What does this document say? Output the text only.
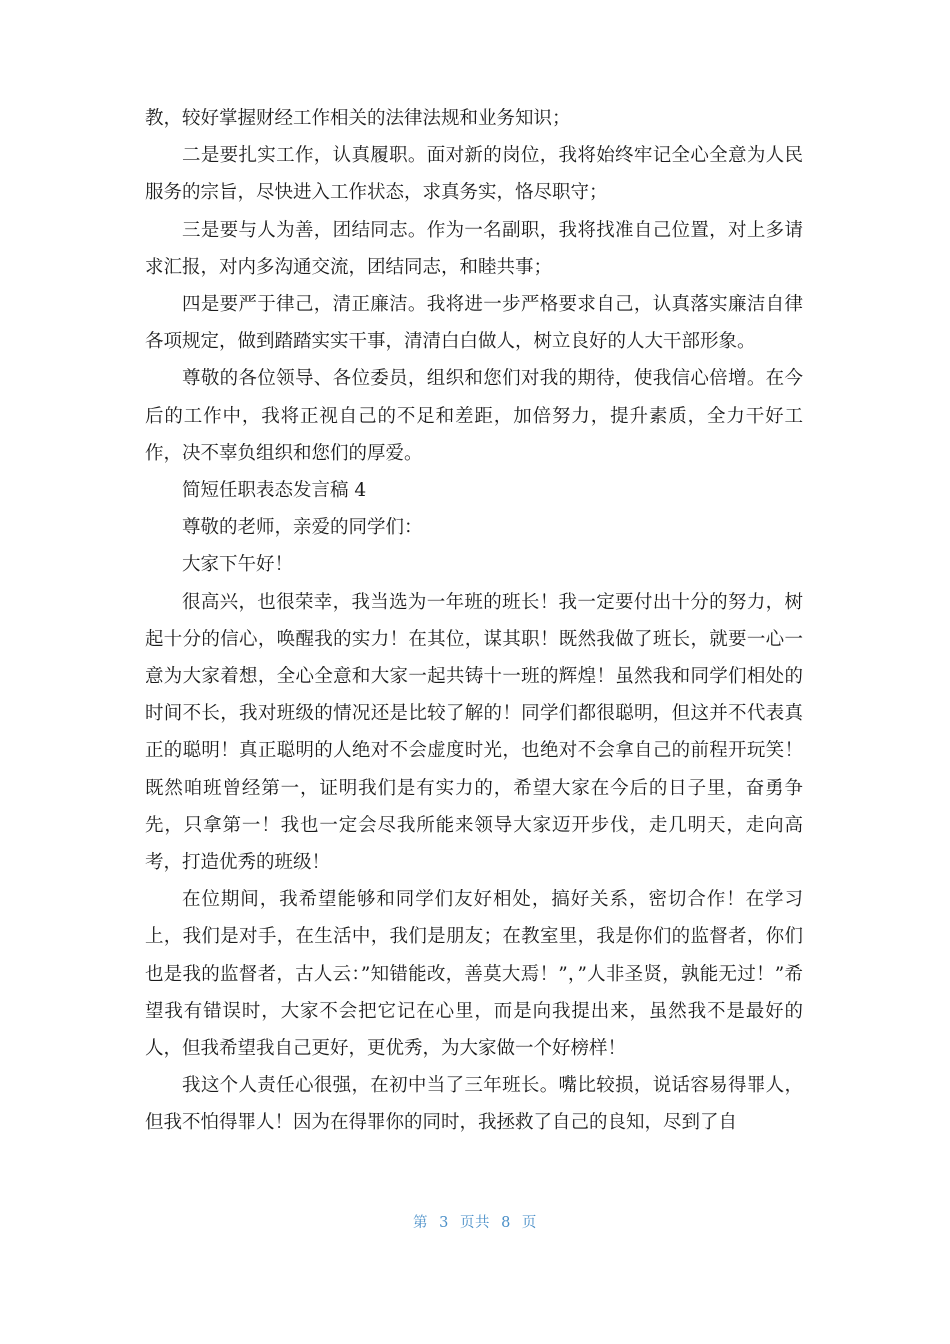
教，较好掌握财经工作相关的法律法规和业务知识；

二是要扎实工作，认真履职。面对新的岗位，我将始终牢记全心全意为人民服务的宗旨，尽快进入工作状态，求真务实，恪尽职守；

三是要与人为善，团结同志。作为一名副职，我将找准自己位置，对上多请求汇报，对内多沟通交流，团结同志，和睦共事；

四是要严于律己，清正廉洁。我将进一步严格要求自己，认真落实廉洁自律各项规定，做到踏踏实实干事，清清白白做人，树立良好的人大干部形象。

尊敬的各位领导、各位委员，组织和您们对我的期待，使我信心倍增。在今后的工作中，我将正视自己的不足和差距，加倍努力，提升素质，全力干好工作，决不辜负组织和您们的厚爱。

简短任职表态发言稿 4

尊敬的老师，亲爱的同学们：

大家下午好！

很高兴，也很荣幸，我当选为一年班的班长！我一定要付出十分的努力，树起十分的信心，唤醒我的实力！在其位，谋其职！既然我做了班长，就要一心一意为大家着想，全心全意和大家一起共铸十一班的辉煌！虽然我和同学们相处的时间不长，我对班级的情况还是比较了解的！同学们都很聪明，但这并不代表真正的聪明！真正聪明的人绝对不会虚度时光，也绝对不会拿自己的前程开玩笑！既然咱班曾经第一，证明我们是有实力的，希望大家在今后的日子里，奋勇争先，只拿第一！我也一定会尽我所能来领导大家迈开步伐，走几明天，走向高考，打造优秀的班级！

在位期间，我希望能够和同学们友好相处，搞好关系，密切合作！在学习上，我们是对手，在生活中，我们是朋友；在教室里，我是你们的监督者，你们也是我的监督者，古人云：”知错能改，善莫大焉！”，”人非圣贤，孰能无过！”希望我有错误时，大家不会把它记在心里，而是向我提出来，虽然我不是最好的人，但我希望我自己更好，更优秀，为大家做一个好榜样！

我这个人责任心很强，在初中当了三年班长。嘴比较损，说话容易得罪人，但我不怕得罪人！因为在得罪你的同时，我拯救了自己的良知，尽到了自

第 3 页共 8 页
